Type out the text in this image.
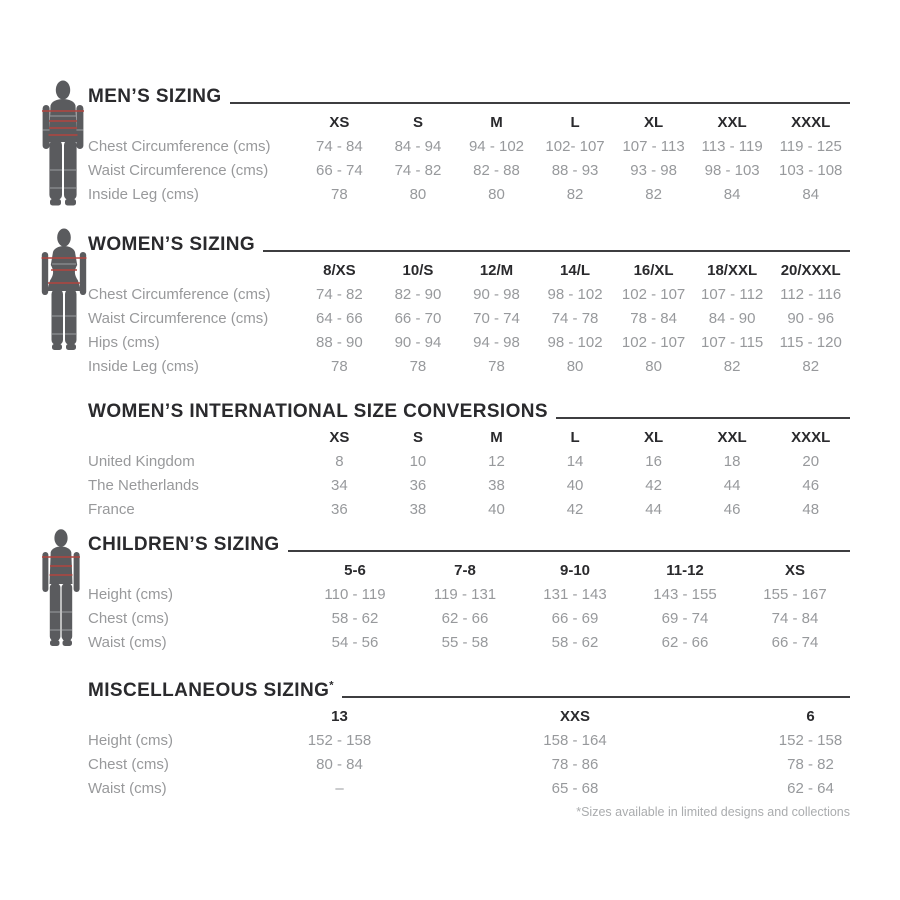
MEN’S SIZING
	XS	S	M	L	XL	XXL	XXXL
Chest Circumference (cms)	74 - 84	84 - 94	94 - 102	102- 107	107 - 113	113 - 119	119 - 125
Waist Circumference (cms)	66 - 74	74 - 82	82 - 88	88 - 93	93 - 98	98 - 103	103 - 108
Inside Leg (cms)	78	80	80	82	82	84	84
WOMEN’S SIZING
	8/XS	10/S	12/M	14/L	16/XL	18/XXL	20/XXXL
Chest Circumference (cms)	74 - 82	82 - 90	90 - 98	98 - 102	102 - 107	107 - 112	112 - 116
Waist Circumference (cms)	64 - 66	66 - 70	70 - 74	74 - 78	78 - 84	84 - 90	90 - 96
Hips (cms)	88 - 90	90 - 94	94 - 98	98 - 102	102 - 107	107 - 115	115 - 120
Inside Leg (cms)	78	78	78	80	80	82	82
WOMEN’S INTERNATIONAL SIZE CONVERSIONS
	XS	S	M	L	XL	XXL	XXXL
United Kingdom	8	10	12	14	16	18	20
The Netherlands	34	36	38	40	42	44	46
France	36	38	40	42	44	46	48
CHILDREN’S SIZING
	5-6	7-8	9-10	11-12	XS
Height (cms)	110 - 119	119 - 131	131 - 143	143 - 155	155 - 167
Chest (cms)	58 - 62	62 - 66	66 - 69	69 - 74	74 - 84
Waist (cms)	54 - 56	55 - 58	58 - 62	62 - 66	66 - 74
MISCELLANEOUS SIZING*
	13	XXS	6
Height (cms)	152 - 158	158 - 164	152 - 158
Chest (cms)	80 - 84	78 - 86	78 - 82
Waist (cms)	–	65 - 68	62 - 64

*Sizes available in limited designs and collections
